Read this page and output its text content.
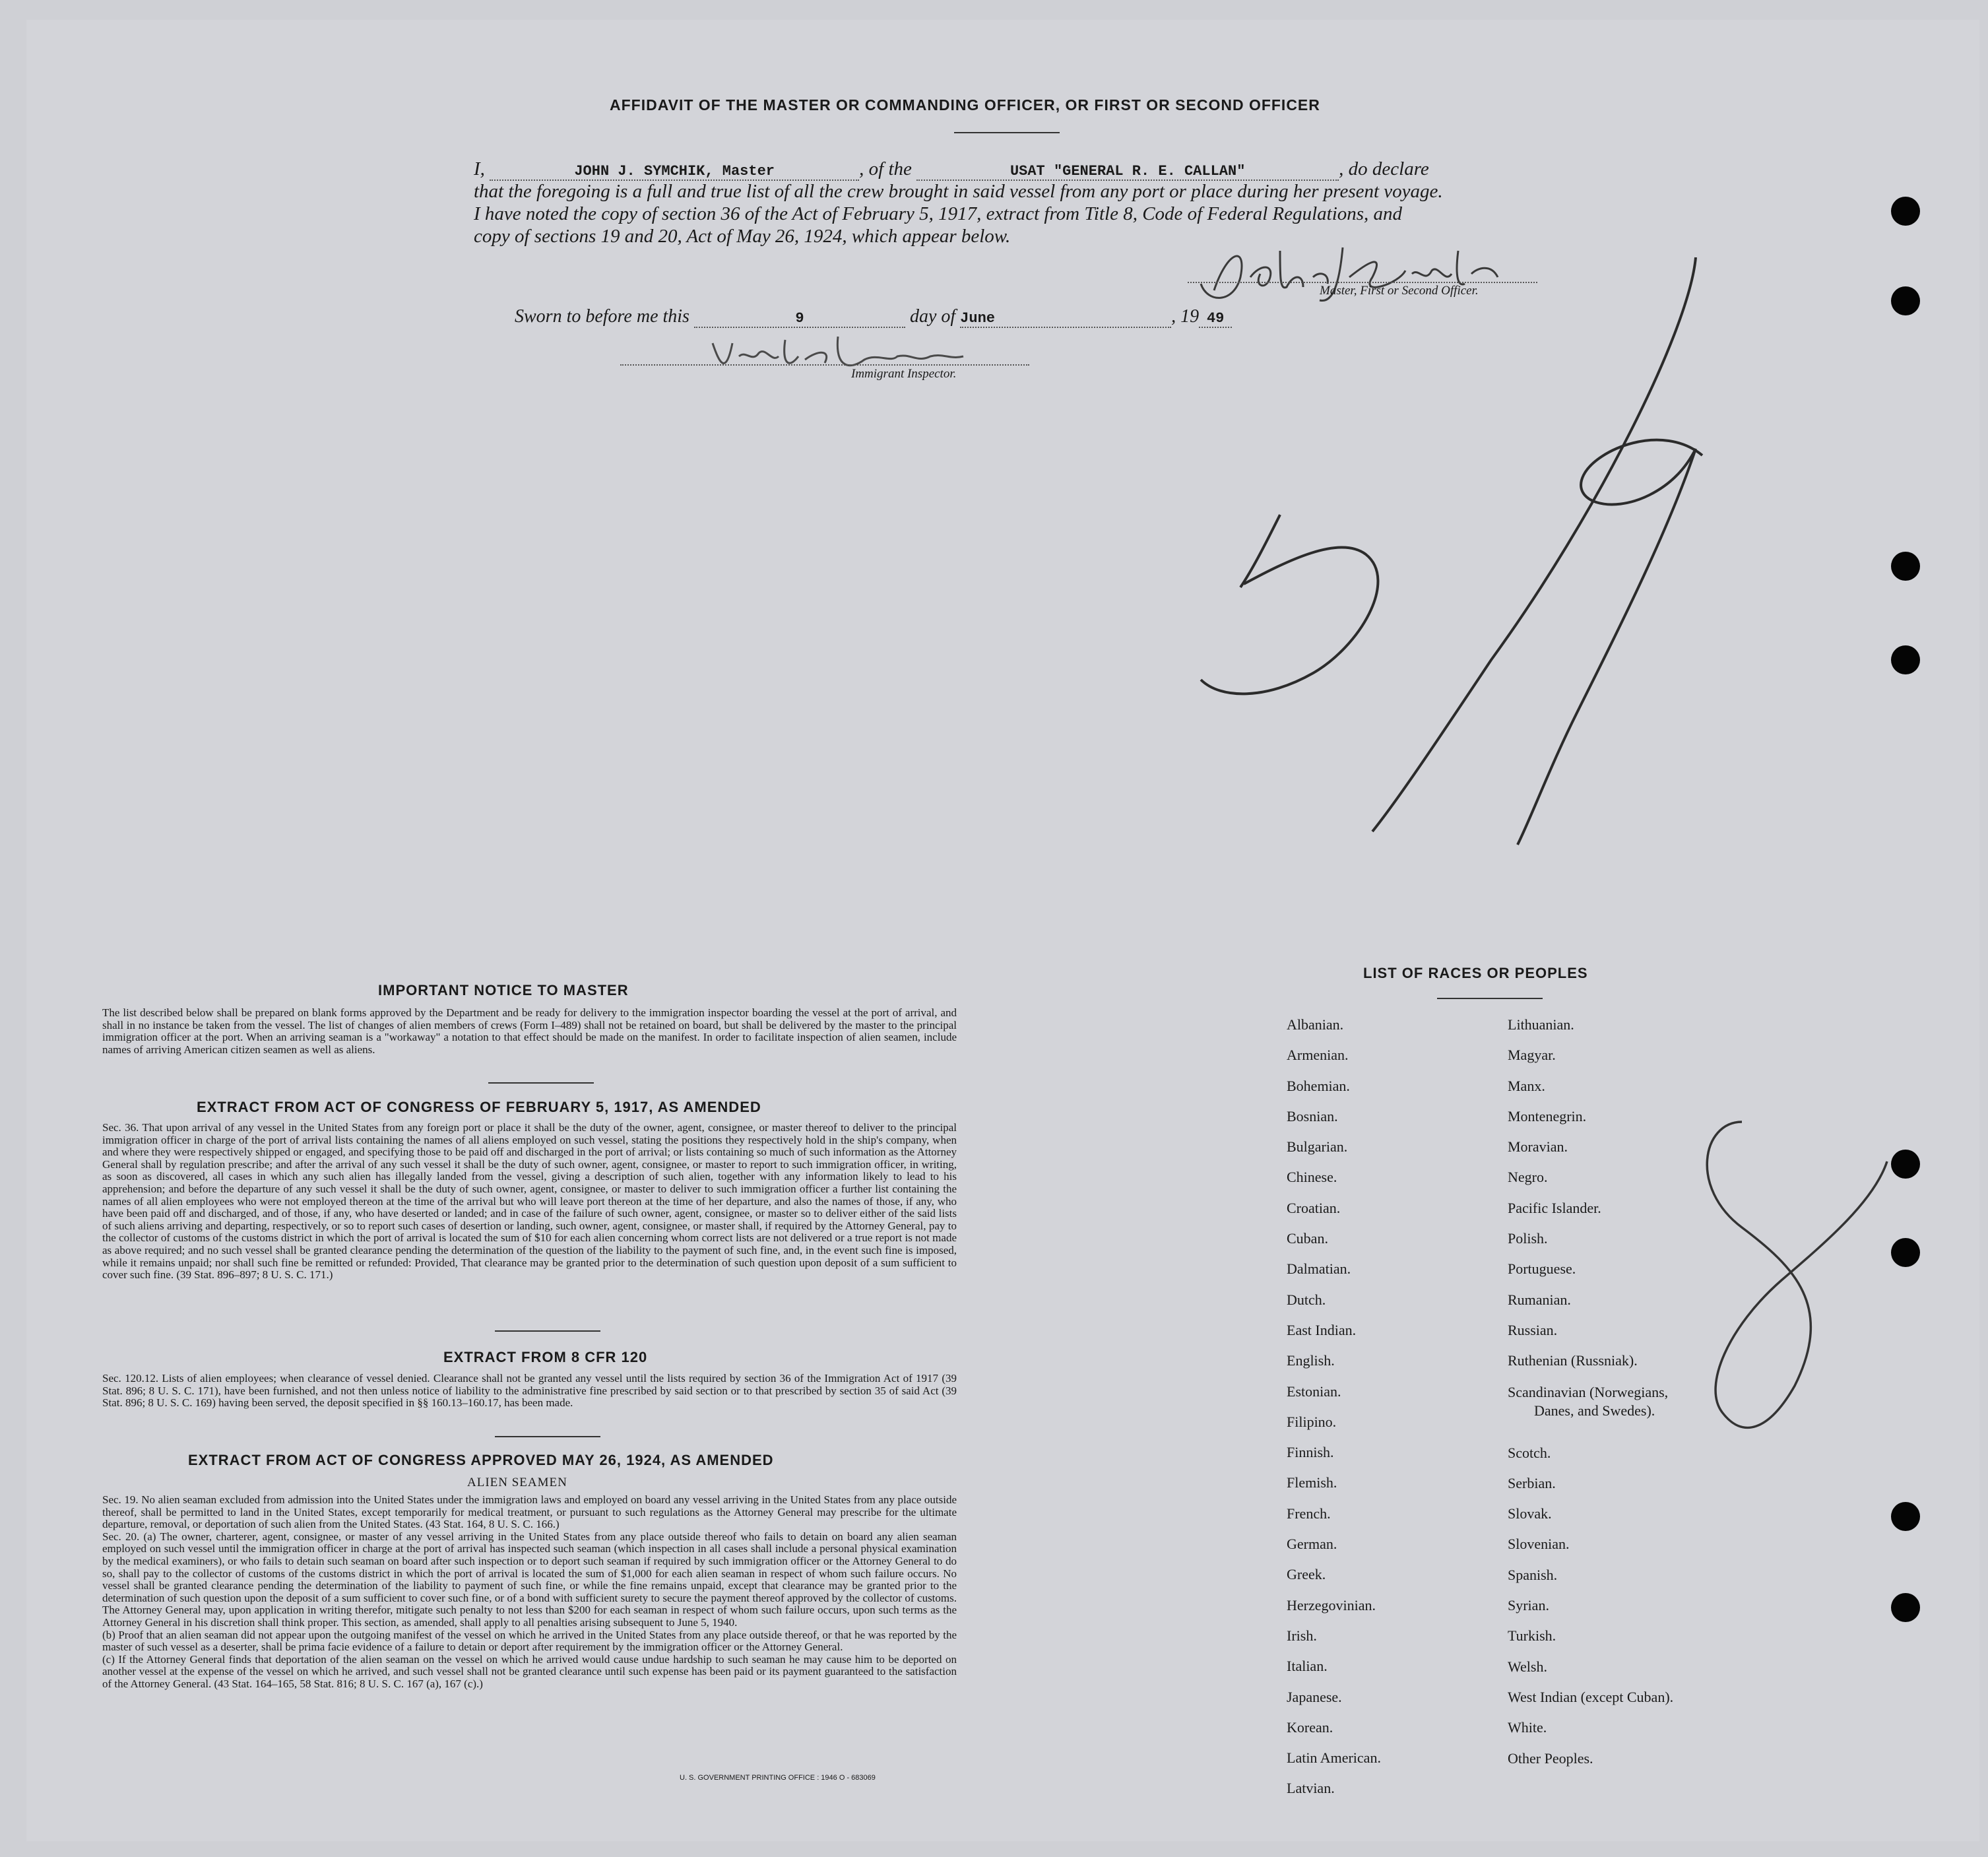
AFFIDAVIT OF THE MASTER OR COMMANDING OFFICER, OR FIRST OR SECOND OFFICER
I,	JOHN J. SYMCHIK, Master	, of the	USAT "GENERAL R. E. CALLAN"	, do declare
that the foregoing is a full and true list of all the crew brought in said vessel from any port or place during her present voyage.
I have noted the copy of section 36 of the Act of February 5, 1917, extract from Title 8, Code of Federal Regulations, and
copy of sections 19 and 20, Act of May 26, 1924, which appear below.
Master, First or Second Officer.
Sworn to before me this	9	day of June	, 19 49
Immigrant Inspector.
5/9
8
IMPORTANT NOTICE TO MASTER
The list described below shall be prepared on blank forms approved by the Department and be ready for delivery to the immigration inspector boarding the vessel at the port of arrival, and shall in no instance be taken from the vessel. The list of changes of alien members of crews (Form I–489) shall not be retained on board, but shall be delivered by the master to the principal immigration officer at the port. When an arriving seaman is a "workaway" a notation to that effect should be made on the manifest. In order to facilitate inspection of alien seamen, include names of arriving American citizen seamen as well as aliens.
EXTRACT FROM ACT OF CONGRESS OF FEBRUARY 5, 1917, AS AMENDED
Sec. 36. That upon arrival of any vessel in the United States from any foreign port or place it shall be the duty of the owner, agent, consignee, or master thereof to deliver to the principal immigration officer in charge of the port of arrival lists containing the names of all aliens employed on such vessel, stating the positions they respectively hold in the ship's company, when and where they were respectively shipped or engaged, and specifying those to be paid off and discharged in the port of arrival; or lists containing so much of such information as the Attorney General shall by regulation prescribe; and after the arrival of any such vessel it shall be the duty of such owner, agent, consignee, or master to report to such immigration officer, in writing, as soon as discovered, all cases in which any such alien has illegally landed from the vessel, giving a description of such alien, together with any information likely to lead to his apprehension; and before the departure of any such vessel it shall be the duty of such owner, agent, consignee, or master to deliver to such immigration officer a further list containing the names of all alien employees who were not employed thereon at the time of the arrival but who will leave port thereon at the time of her departure, and also the names of those, if any, who have been paid off and discharged, and of those, if any, who have deserted or landed; and in case of the failure of such owner, agent, consignee, or master so to deliver either of the said lists of such aliens arriving and departing, respectively, or so to report such cases of desertion or landing, such owner, agent, consignee, or master shall, if required by the Attorney General, pay to the collector of customs of the customs district in which the port of arrival is located the sum of $10 for each alien concerning whom correct lists are not delivered or a true report is not made as above required; and no such vessel shall be granted clearance pending the determination of the question of the liability to the payment of such fine, and, in the event such fine is imposed, while it remains unpaid; nor shall such fine be remitted or refunded: Provided, That clearance may be granted prior to the determination of such question upon deposit of a sum sufficient to cover such fine. (39 Stat. 896–897; 8 U. S. C. 171.)
EXTRACT FROM 8 CFR 120
Sec. 120.12. Lists of alien employees; when clearance of vessel denied. Clearance shall not be granted any vessel until the lists required by section 36 of the Immigration Act of 1917 (39 Stat. 896; 8 U. S. C. 171), have been furnished, and not then unless notice of liability to the administrative fine prescribed by said section or to that prescribed by section 35 of said Act (39 Stat. 896; 8 U. S. C. 169) having been served, the deposit specified in §§ 160.13–160.17, has been made.
EXTRACT FROM ACT OF CONGRESS APPROVED MAY 26, 1924, AS AMENDED
ALIEN SEAMEN
Sec. 19. No alien seaman excluded from admission into the United States under the immigration laws and employed on board any vessel arriving in the United States from any place outside thereof, shall be permitted to land in the United States, except temporarily for medical treatment, or pursuant to such regulations as the Attorney General may prescribe for the ultimate departure, removal, or deportation of such alien from the United States. (43 Stat. 164, 8 U. S. C. 166.)
Sec. 20. (a) The owner, charterer, agent, consignee, or master of any vessel arriving in the United States from any place outside thereof who fails to detain on board any alien seaman employed on such vessel until the immigration officer in charge at the port of arrival has inspected such seaman (which inspection in all cases shall include a personal physical examination by the medical examiners), or who fails to detain such seaman on board after such inspection or to deport such seaman if required by such immigration officer or the Attorney General to do so, shall pay to the collector of customs of the customs district in which the port of arrival is located the sum of $1,000 for each alien seaman in respect of whom such failure occurs. No vessel shall be granted clearance pending the determination of the liability to payment of such fine, or while the fine remains unpaid, except that clearance may be granted prior to the determination of such question upon the deposit of a sum sufficient to cover such fine, or of a bond with sufficient surety to secure the payment thereof approved by the collector of customs. The Attorney General may, upon application in writing therefor, mitigate such penalty to not less than $200 for each seaman in respect of whom such failure occurs, upon such terms as the Attorney General in his discretion shall think proper. This section, as amended, shall apply to all penalties arising subsequent to June 5, 1940.
(b) Proof that an alien seaman did not appear upon the outgoing manifest of the vessel on which he arrived in the United States from any place outside thereof, or that he was reported by the master of such vessel as a deserter, shall be prima facie evidence of a failure to detain or deport after requirement by the immigration officer or the Attorney General.
(c) If the Attorney General finds that deportation of the alien seaman on the vessel on which he arrived would cause undue hardship to such seaman he may cause him to be deported on another vessel at the expense of the vessel on which he arrived, and such vessel shall not be granted clearance until such expense has been paid or its payment guaranteed to the satisfaction of the Attorney General. (43 Stat. 164–165, 58 Stat. 816; 8 U. S. C. 167 (a), 167 (c).)
U. S. GOVERNMENT PRINTING OFFICE : 1946 O - 683069
LIST OF RACES OR PEOPLES
Albanian.
Armenian.
Bohemian.
Bosnian.
Bulgarian.
Chinese.
Croatian.
Cuban.
Dalmatian.
Dutch.
East Indian.
English.
Estonian.
Filipino.
Finnish.
Flemish.
French.
German.
Greek.
Herzegovinian.
Irish.
Italian.
Japanese.
Korean.
Latin American.
Latvian.
Lithuanian.
Magyar.
Manx.
Montenegrin.
Moravian.
Negro.
Pacific Islander.
Polish.
Portuguese.
Rumanian.
Russian.
Ruthenian (Russniak).
Scandinavian (Norwegians,
Danes, and Swedes).
Scotch.
Serbian.
Slovak.
Slovenian.
Spanish.
Syrian.
Turkish.
Welsh.
West Indian (except Cuban).
White.
Other Peoples.
